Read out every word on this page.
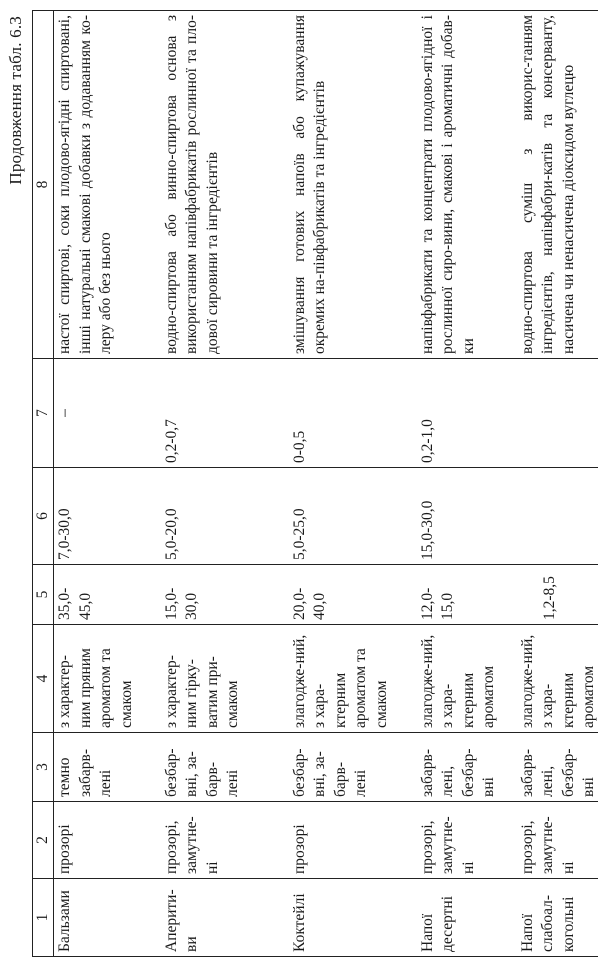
Продовження табл. 6.3
1	2	3	4	5	6	7	8
Бальзами	прозорі	темно забарв-лені	з характер-ним пряним ароматом та смаком	35,0-45,0	7,0-30,0	–	настої спиртові, соки плодово-ягідні спиртовані, інші натуральні смакові добавки з додаванням ко-леру або без нього
Аперити-ви	прозорі, замутне-ні	безбар-вні, за-барв-лені	з характер-ним гірку-ватим при-смаком	15,0-30,0	5,0-20,0	0,2-0,7	водно-спиртова або винно-спиртова основа з використанням напівфабрикатів рослинної та пло-дової сировини та інгредієнтів
Коктейлі	прозорі	безбар-вні, за-барв-лені	злагодже-ний, з хара-ктерним ароматом та смаком	20,0-40,0	5,0-25,0	0-0,5	змішування готових напоїв або купажування окремих на-півфабрикатів та інгредієнтів
Напої десертні	прозорі, замутне-ні	забарв-лені, безбар-вні	злагодже-ний, з хара-ктерним ароматом	12,0-15,0	15,0-30,0	0,2-1,0	напівфабрикати та концентрати плодово-ягідної і рослинної сиро-вини, смакові і ароматичні добав-ки
Напої слабоал-когольні	прозорі, замутне-ні	забарв-лені, безбар-вні	злагодже-ний, з хара-ктерним ароматом	1,2-8,5			водно-спиртова суміш з викорис-танням інгредієнтів, напівфабри-катів та консерванту, насичена чи ненасичена діоксидом вуглецю
